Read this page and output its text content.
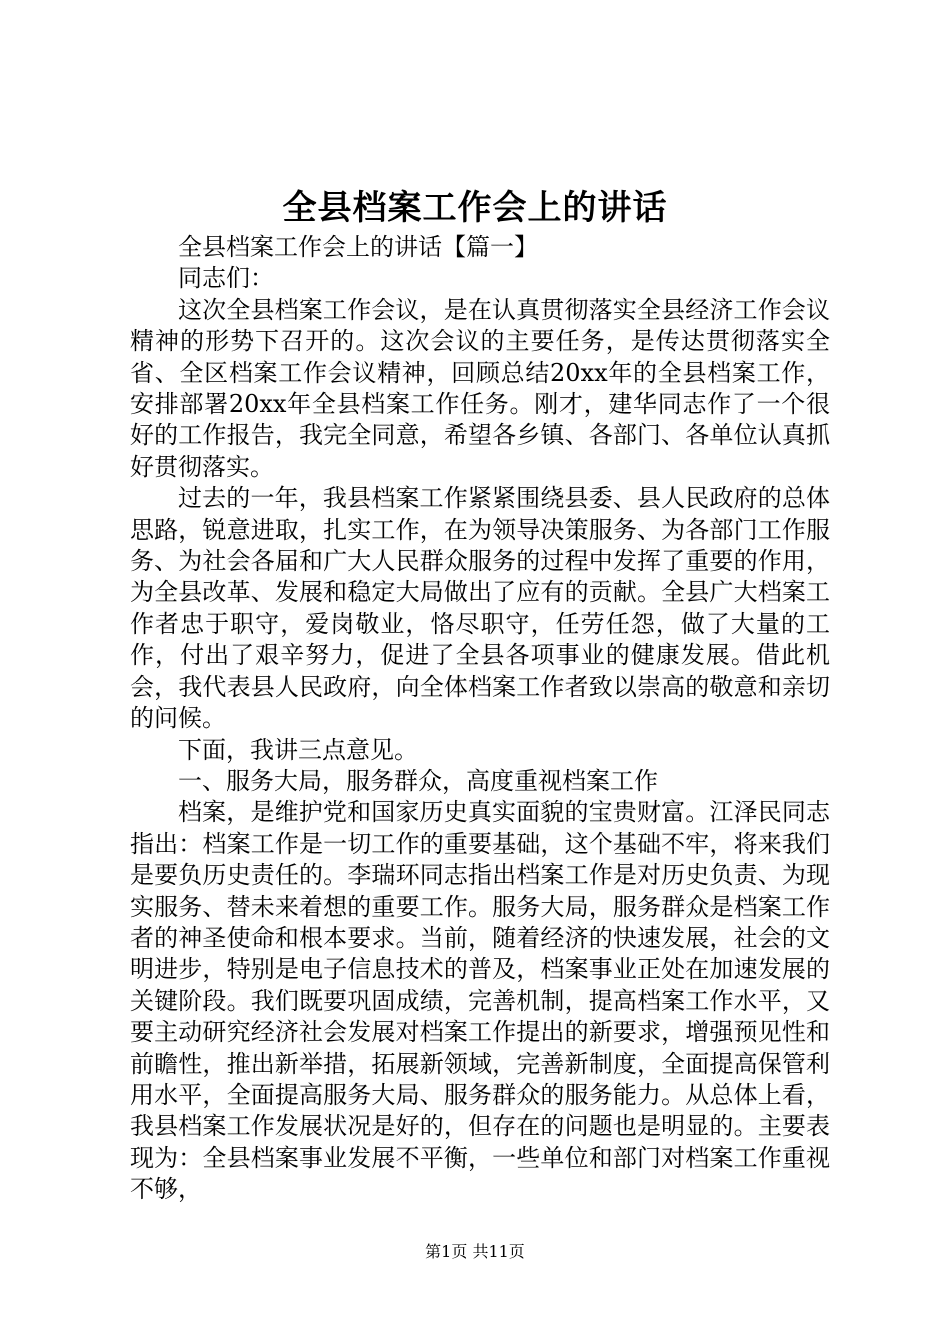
全县档案工作会上的讲话

全县档案工作会上的讲话【篇一】

同志们：

这次全县档案工作会议，是在认真贯彻落实全县经济工作会议精神的形势下召开的。这次会议的主要任务，是传达贯彻落实全省、全区档案工作会议精神，回顾总结20xx年的全县档案工作，安排部署20xx年全县档案工作任务。刚才，建华同志作了一个很好的工作报告，我完全同意，希望各乡镇、各部门、各单位认真抓好贯彻落实。

过去的一年，我县档案工作紧紧围绕县委、县人民政府的总体思路，锐意进取，扎实工作，在为领导决策服务、为各部门工作服务、为社会各届和广大人民群众服务的过程中发挥了重要的作用，为全县改革、发展和稳定大局做出了应有的贡献。全县广大档案工作者忠于职守，爱岗敬业，恪尽职守，任劳任怨，做了大量的工作，付出了艰辛努力，促进了全县各项事业的健康发展。借此机会，我代表县人民政府，向全体档案工作者致以崇高的敬意和亲切的问候。

下面，我讲三点意见。

一、服务大局，服务群众，高度重视档案工作

档案，是维护党和国家历史真实面貌的宝贵财富。江泽民同志指出：档案工作是一切工作的重要基础，这个基础不牢，将来我们是要负历史责任的。李瑞环同志指出档案工作是对历史负责、为现实服务、替未来着想的重要工作。服务大局，服务群众是档案工作者的神圣使命和根本要求。当前，随着经济的快速发展，社会的文明进步，特别是电子信息技术的普及，档案事业正处在加速发展的关键阶段。我们既要巩固成绩，完善机制，提高档案工作水平，又要主动研究经济社会发展对档案工作提出的新要求，增强预见性和前瞻性，推出新举措，拓展新领域，完善新制度，全面提高保管利用水平，全面提高服务大局、服务群众的服务能力。从总体上看，我县档案工作发展状况是好的，但存在的问题也是明显的。主要表现为：全县档案事业发展不平衡，一些单位和部门对档案工作重视不够，

第1页 共11页
